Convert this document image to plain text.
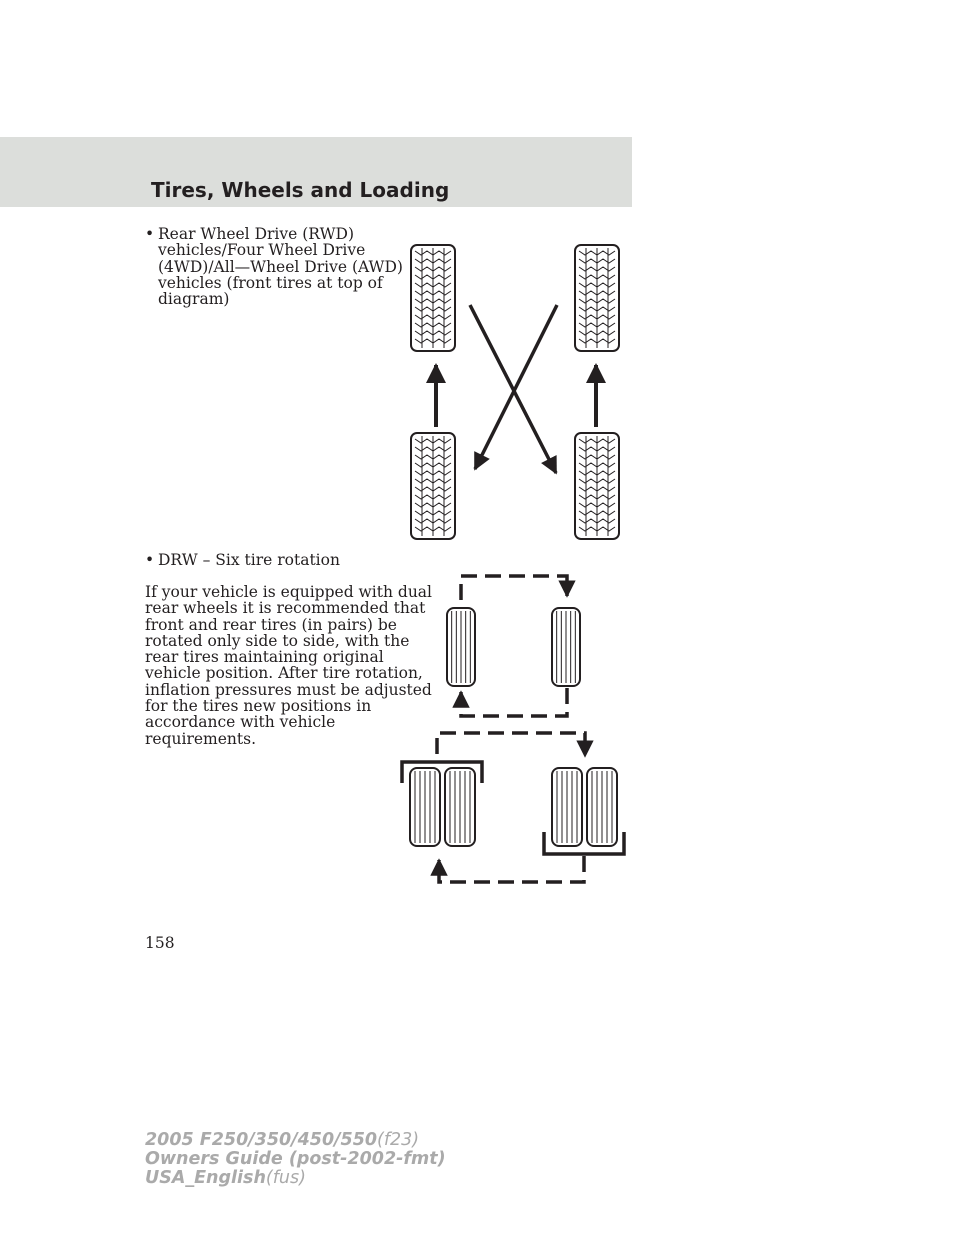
Tires, Wheels and Loading
• Rear Wheel Drive (RWD)
vehicles/Four Wheel Drive
(4WD)/All—Wheel Drive (AWD)
vehicles (front tires at top of
diagram)
• DRW – Six tire rotation
If your vehicle is equipped with dual
rear wheels it is recommended that
front and rear tires (in pairs) be
rotated only side to side, with the
rear tires maintaining original
vehicle position. After tire rotation,
inflation pressures must be adjusted
for the tires new positions in
accordance with vehicle
requirements.
158
2005 F250/350/450/550(f23)
Owners Guide (post-2002-fmt)
USA_English(fus)
